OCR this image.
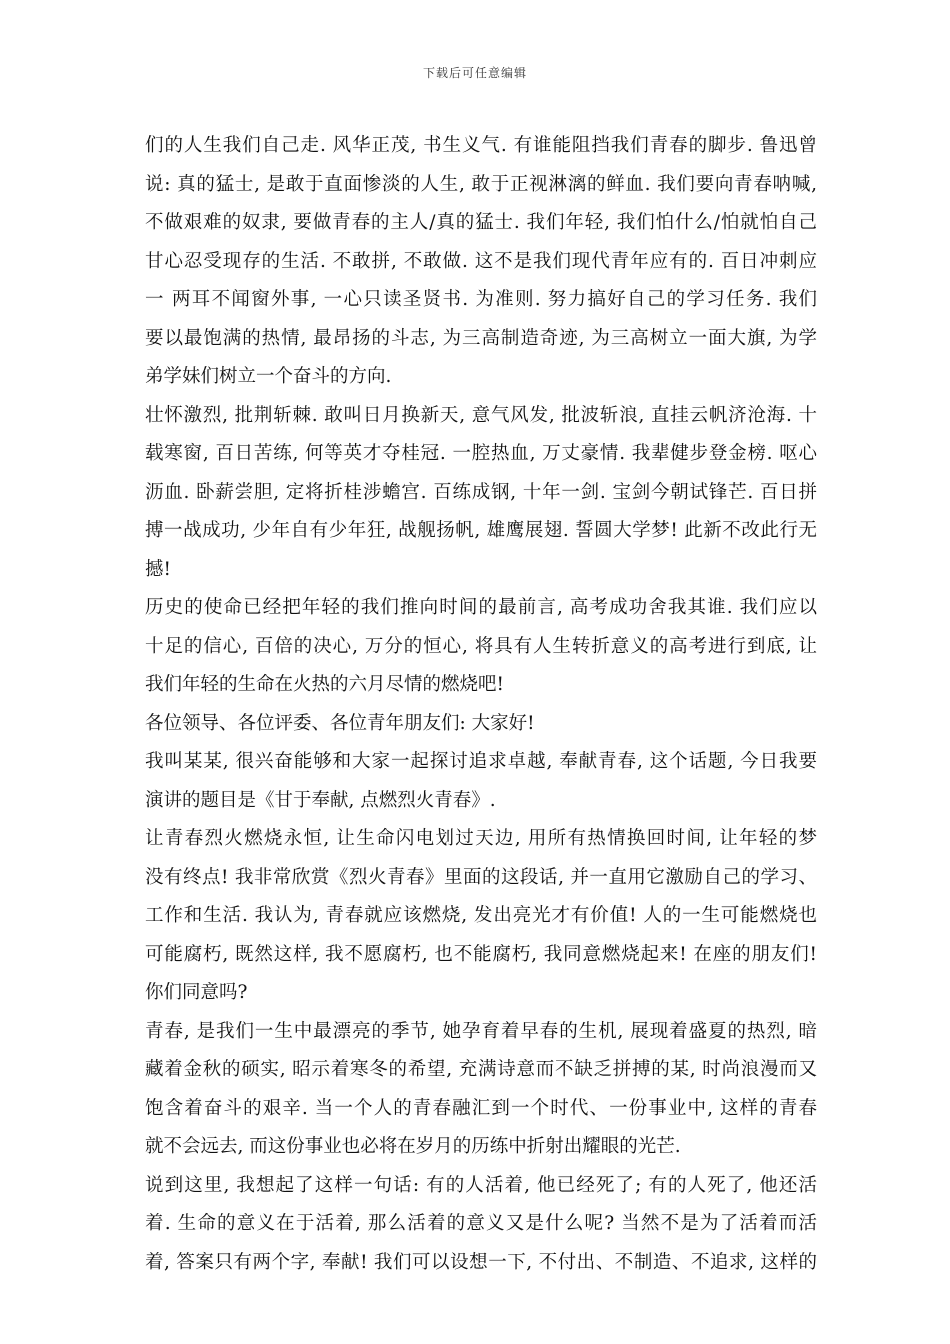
下载后可任意编辑
们的人生我们自己走. 风华正茂, 书生义气. 有谁能阻挡我们青春的脚步. 鲁迅曾
说: 真的猛士, 是敢于直面惨淡的人生, 敢于正视淋漓的鲜血. 我们要向青春呐喊,
不做艰难的奴隶, 要做青春的主人/真的猛士. 我们年轻, 我们怕什么/怕就怕自己
甘心忍受现存的生活. 不敢拼, 不敢做. 这不是我们现代青年应有的. 百日冲刺应
一 两耳不闻窗外事, 一心只读圣贤书. 为准则. 努力搞好自己的学习任务. 我们
要以最饱满的热情, 最昂扬的斗志, 为三高制造奇迹, 为三高树立一面大旗, 为学
弟学妹们树立一个奋斗的方向.
壮怀激烈, 批荆斩棘. 敢叫日月换新天, 意气风发, 批波斩浪, 直挂云帆济沧海. 十
载寒窗, 百日苦练, 何等英才夺桂冠. 一腔热血, 万丈豪情. 我辈健步登金榜. 呕心
沥血. 卧薪尝胆, 定将折桂涉蟾宫. 百练成钢, 十年一剑. 宝剑今朝试锋芒. 百日拼
搏一战成功, 少年自有少年狂, 战舰扬帆, 雄鹰展翅. 誓圆大学梦! 此新不改此行无
撼!
历史的使命已经把年轻的我们推向时间的最前言, 高考成功舍我其谁. 我们应以
十足的信心, 百倍的决心, 万分的恒心, 将具有人生转折意义的高考进行到底, 让
我们年轻的生命在火热的六月尽情的燃烧吧!
各位领导、各位评委、各位青年朋友们: 大家好!
我叫某某, 很兴奋能够和大家一起探讨追求卓越, 奉献青春, 这个话题, 今日我要
演讲的题目是《甘于奉献, 点燃烈火青春》.
让青春烈火燃烧永恒, 让生命闪电划过天边, 用所有热情换回时间, 让年轻的梦
没有终点! 我非常欣赏《烈火青春》里面的这段话, 并一直用它激励自己的学习、
工作和生活. 我认为, 青春就应该燃烧, 发出亮光才有价值! 人的一生可能燃烧也
可能腐朽, 既然这样, 我不愿腐朽, 也不能腐朽, 我同意燃烧起来! 在座的朋友们!
你们同意吗?
青春, 是我们一生中最漂亮的季节, 她孕育着早春的生机, 展现着盛夏的热烈, 暗
藏着金秋的硕实, 昭示着寒冬的希望, 充满诗意而不缺乏拼搏的某, 时尚浪漫而又
饱含着奋斗的艰辛. 当一个人的青春融汇到一个时代、一份事业中, 这样的青春
就不会远去, 而这份事业也必将在岁月的历练中折射出耀眼的光芒.
说到这里, 我想起了这样一句话: 有的人活着, 他已经死了; 有的人死了, 他还活
着. 生命的意义在于活着, 那么活着的意义又是什么呢? 当然不是为了活着而活
着, 答案只有两个字, 奉献! 我们可以设想一下, 不付出、不制造、不追求, 这样的
